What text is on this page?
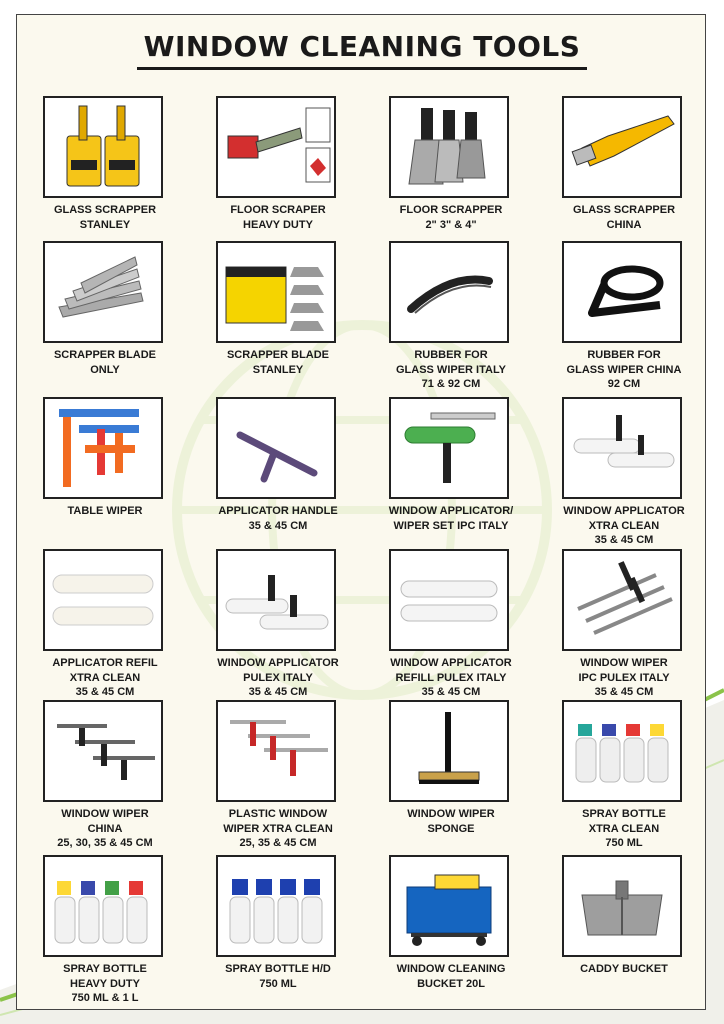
WINDOW CLEANING TOOLS
GLASS SCRAPPER
STANLEY
FLOOR SCRAPER
HEAVY DUTY
FLOOR SCRAPPER
2" 3" & 4"
GLASS SCRAPPER
CHINA
SCRAPPER BLADE
ONLY
SCRAPPER BLADE
STANLEY
RUBBER FOR
GLASS WIPER ITALY
71 & 92 CM
RUBBER FOR
GLASS WIPER CHINA
92 CM
TABLE WIPER	APPLICATOR HANDLE
35 & 45 CM
WINDOW APPLICATOR/
WIPER SET IPC ITALY
WINDOW APPLICATOR
XTRA CLEAN
35 & 45 CM
APPLICATOR REFIL
XTRA CLEAN
35 & 45 CM
WINDOW APPLICATOR
PULEX ITALY
35 & 45 CM
WINDOW APPLICATOR
REFILL PULEX ITALY
35 & 45 CM
WINDOW WIPER
IPC PULEX ITALY
35 & 45 CM
WINDOW WIPER
CHINA
25, 30, 35 & 45 CM
PLASTIC WINDOW
WIPER XTRA CLEAN
25, 35 & 45 CM
WINDOW WIPER
SPONGE
SPRAY BOTTLE
XTRA CLEAN
750 ML
SPRAY BOTTLE
HEAVY DUTY
750 ML & 1 L
SPRAY BOTTLE H/D
750 ML
WINDOW CLEANING
BUCKET 20L
CADDY BUCKET
